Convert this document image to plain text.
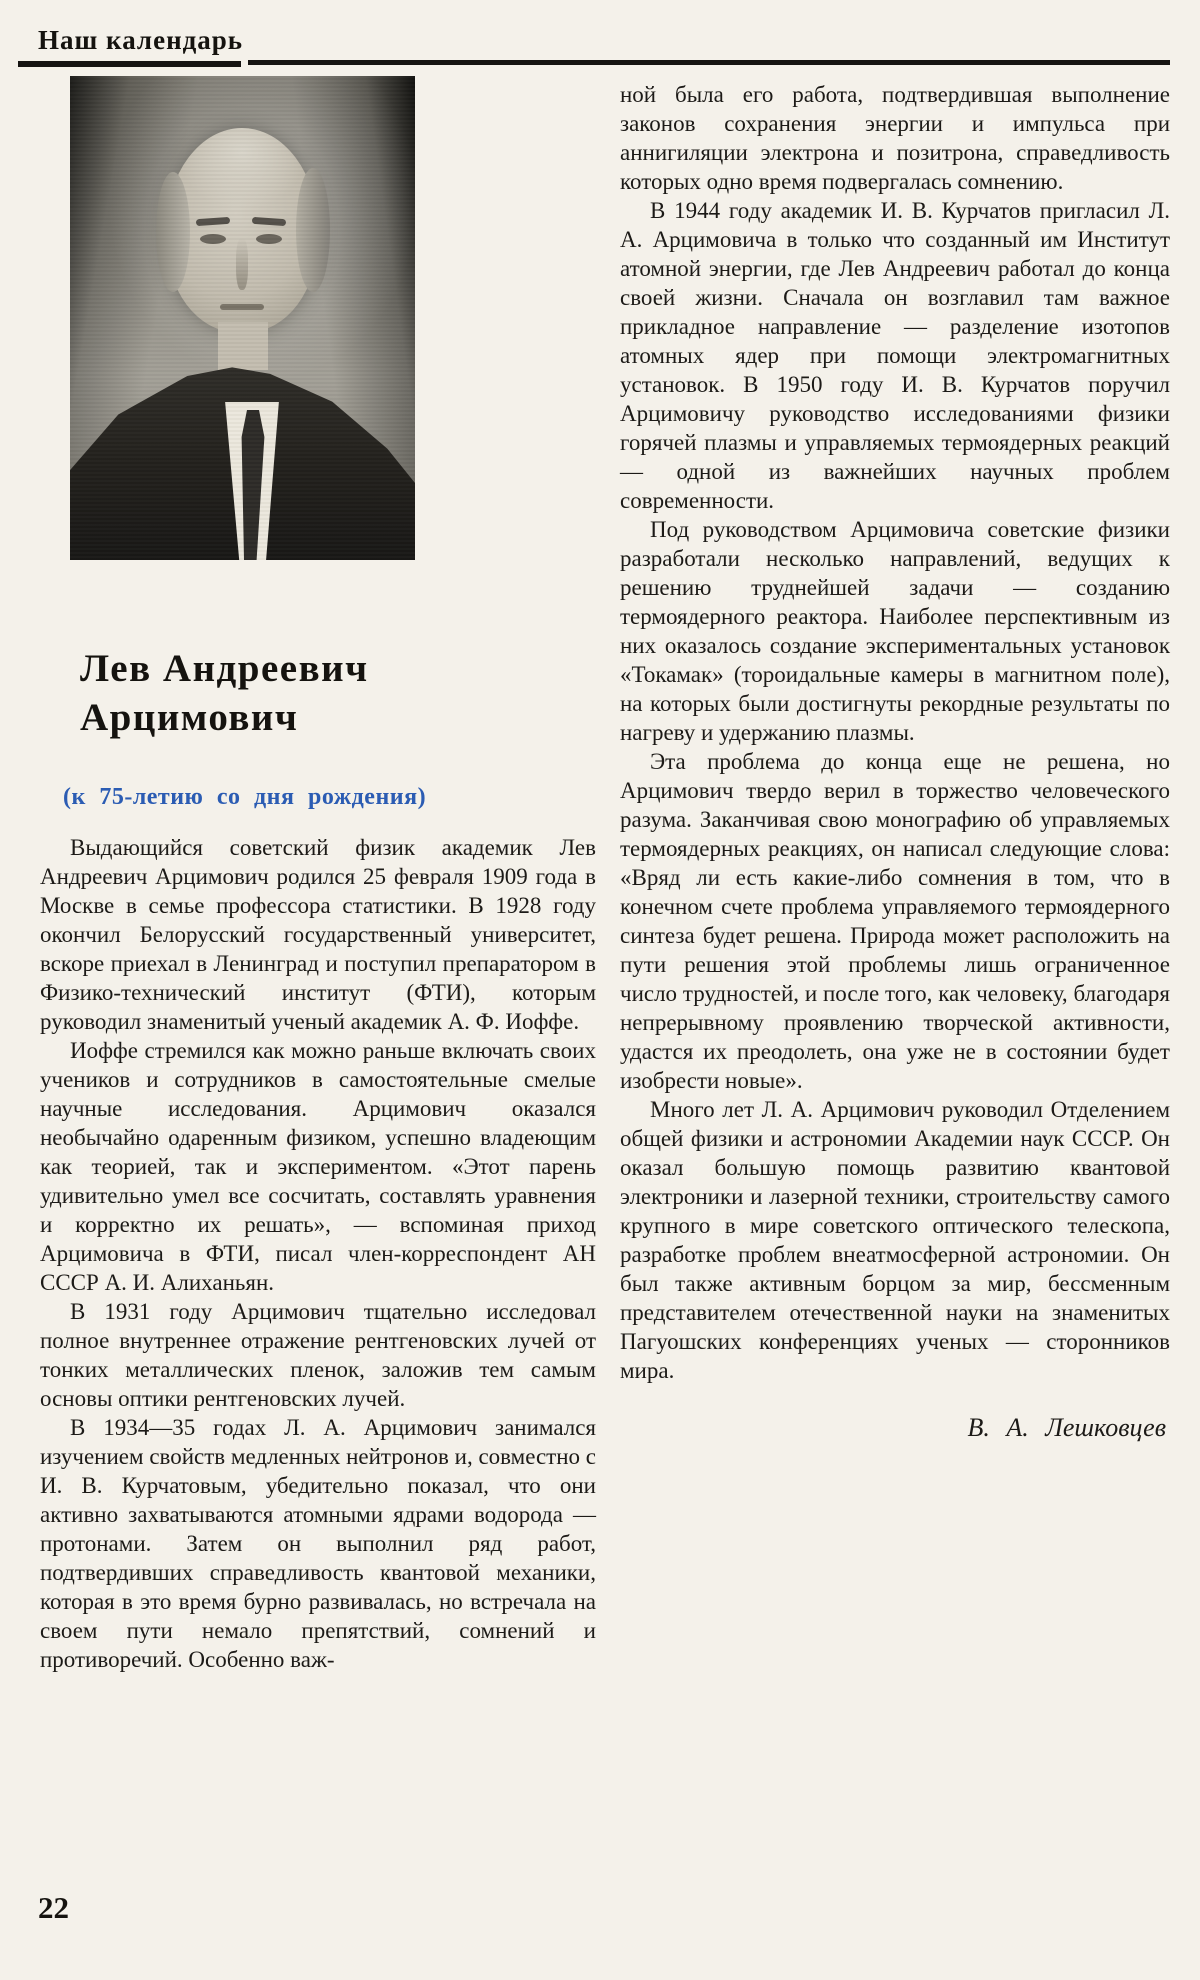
Наш календарь
Лев Андреевич
Арцимович
(к 75-летию со дня рождения)

Выдающийся советский физик академик Лев Андреевич Арцимович родился 25 февраля 1909 года в Москве в семье профессора статистики. В 1928 году окончил Белорусский государственный университет, вскоре приехал в Ленинград и поступил препаратором в Физико-технический институт (ФТИ), которым руководил знаменитый ученый академик А. Ф. Иоффе.

Иоффе стремился как можно раньше включать своих учеников и сотрудников в самостоятельные смелые научные исследования. Арцимович оказался необычайно одаренным физиком, успешно владеющим как теорией, так и экспериментом. «Этот парень удивительно умел все сосчитать, составлять уравнения и корректно их решать», — вспоминая приход Арцимовича в ФТИ, писал член-корреспондент АН СССР А. И. Алиханьян.

В 1931 году Арцимович тщательно исследовал полное внутреннее отражение рентгеновских лучей от тонких металлических пленок, заложив тем самым основы оптики рентгеновских лучей.

В 1934—35 годах Л. А. Арцимович занимался изучением свойств медленных нейтронов и, совместно с И. В. Курчатовым, убедительно показал, что они активно захватываются атомными ядрами водорода — протонами. Затем он выполнил ряд работ, подтвердивших справедливость квантовой механики, которая в это время бурно развивалась, но встречала на своем пути немало препятствий, сомнений и противоречий. Особенно важ-

ной была его работа, подтвердившая выполнение законов сохранения энергии и импульса при аннигиляции электрона и позитрона, справедливость которых одно время подвергалась сомнению.

В 1944 году академик И. В. Курчатов пригласил Л. А. Арцимовича в только что созданный им Институт атомной энергии, где Лев Андреевич работал до конца своей жизни. Сначала он возглавил там важное прикладное направление — разделение изотопов атомных ядер при помощи электромагнитных установок. В 1950 году И. В. Курчатов поручил Арцимовичу руководство исследованиями физики горячей плазмы и управляемых термоядерных реакций — одной из важнейших научных проблем современности.

Под руководством Арцимовича советские физики разработали несколько направлений, ведущих к решению труднейшей задачи — созданию термоядерного реактора. Наиболее перспективным из них оказалось создание экспериментальных установок «Токамак» (тороидальные камеры в магнитном поле), на которых были достигнуты рекордные результаты по нагреву и удержанию плазмы.

Эта проблема до конца еще не решена, но Арцимович твердо верил в торжество человеческого разума. Заканчивая свою монографию об управляемых термоядерных реакциях, он написал следующие слова: «Вряд ли есть какие-либо сомнения в том, что в конечном счете проблема управляемого термоядерного синтеза будет решена. Природа может расположить на пути решения этой проблемы лишь ограниченное число трудностей, и после того, как человеку, благодаря непрерывному проявлению творческой активности, удастся их преодолеть, она уже не в состоянии будет изобрести новые».

Много лет Л. А. Арцимович руководил Отделением общей физики и астрономии Академии наук СССР. Он оказал большую помощь развитию квантовой электроники и лазерной техники, строительству самого крупного в мире советского оптического телескопа, разработке проблем внеатмосферной астрономии. Он был также активным борцом за мир, бессменным представителем отечественной науки на знаменитых Пагуошских конференциях ученых — сторонников мира.

В. А. Лешковцев
22
